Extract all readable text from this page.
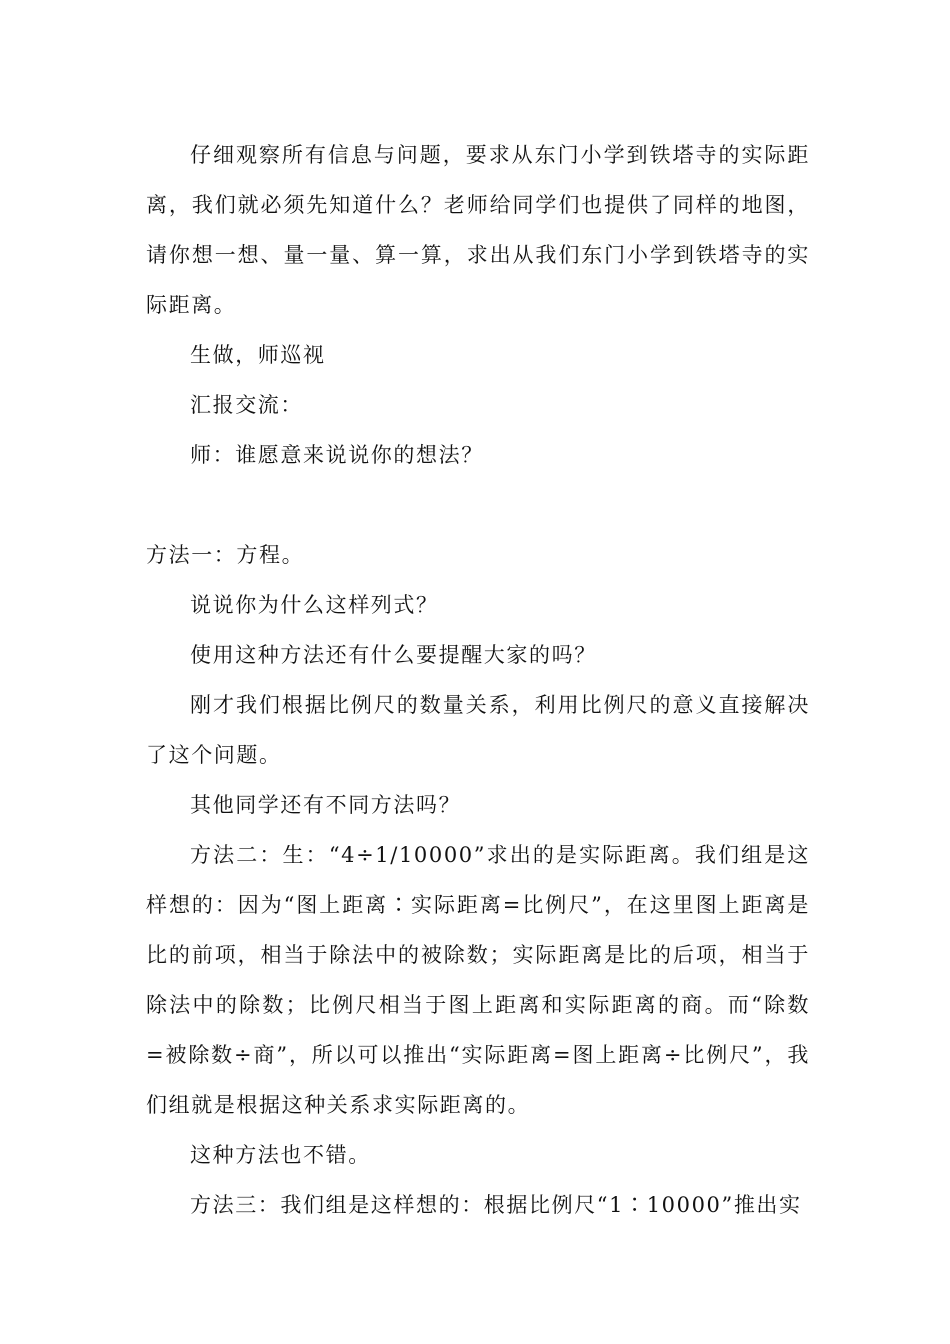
仔细观察所有信息与问题，要求从东门小学到铁塔寺的实际距离，我们就必须先知道什么？老师给同学们也提供了同样的地图，请你想一想、量一量、算一算，求出从我们东门小学到铁塔寺的实际距离。

生做，师巡视

汇报交流：

师：谁愿意来说说你的想法？

方法一：方程。

说说你为什么这样列式？

使用这种方法还有什么要提醒大家的吗？

刚才我们根据比例尺的数量关系，利用比例尺的意义直接解决了这个问题。

其他同学还有不同方法吗？

方法二：生：“4÷1/10000”求出的是实际距离。我们组是这样想的：因为“图上距离∶实际距离=比例尺”，在这里图上距离是比的前项，相当于除法中的被除数；实际距离是比的后项，相当于除法中的除数；比例尺相当于图上距离和实际距离的商。而“除数=被除数÷商”，所以可以推出“实际距离=图上距离÷比例尺”，我们组就是根据这种关系求实际距离的。

这种方法也不错。

方法三：我们组是这样想的：根据比例尺“1∶10000”推出实
